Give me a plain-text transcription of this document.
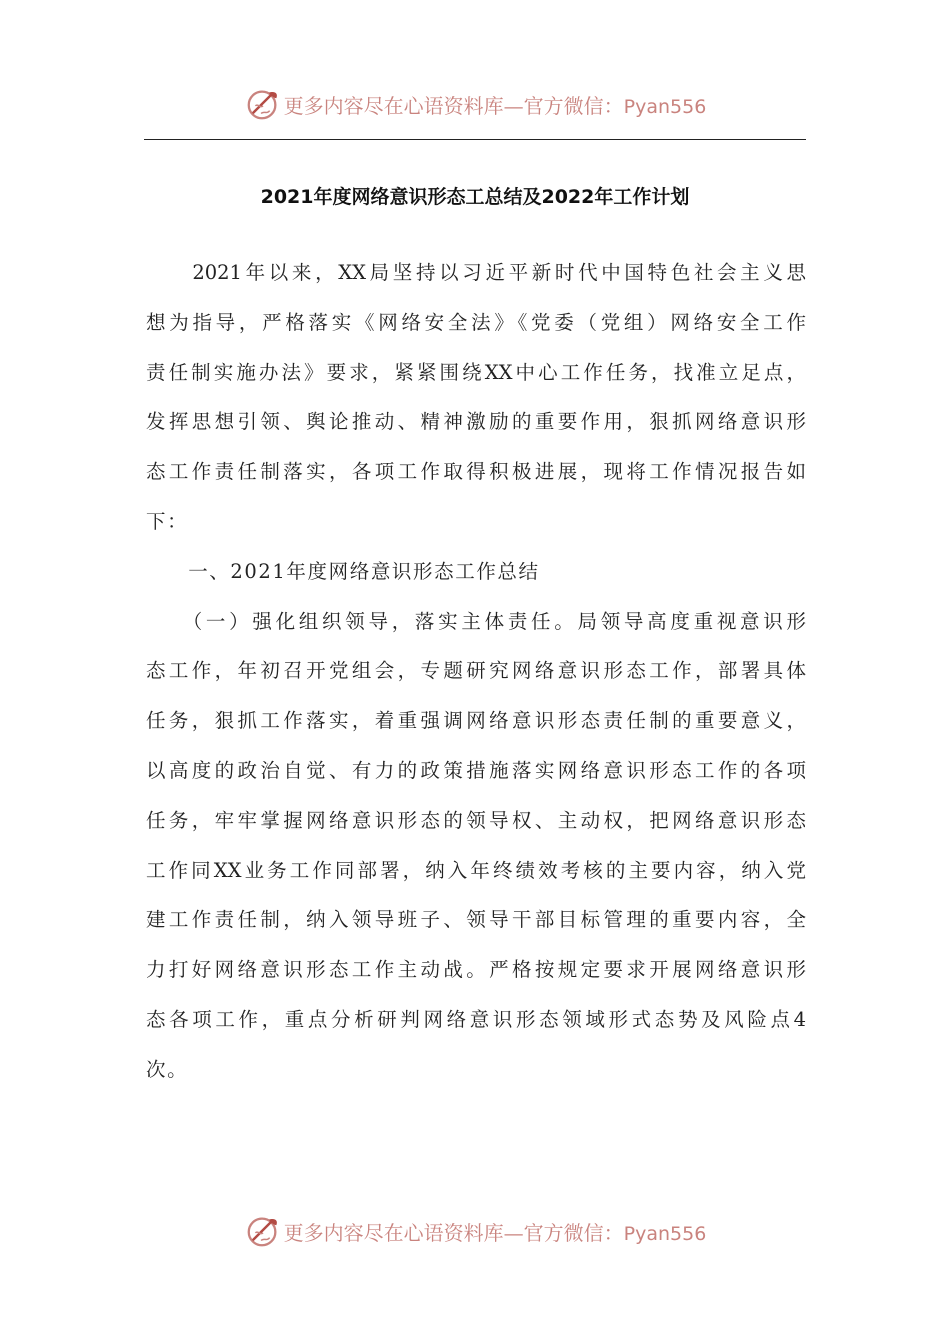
更多内容尽在心语资料库—官方微信：Pyan556
2021年度网络意识形态工总结及2022年工作计划
　　2021年以来，XX局坚持以习近平新时代中国特色社会主义思
想为指导，严格落实《网络安全法》《党委（党组）网络安全工作
责任制实施办法》要求，紧紧围绕XX中心工作任务，找准立足点，
发挥思想引领、舆论推动、精神激励的重要作用，狠抓网络意识形
态工作责任制落实，各项工作取得积极进展，现将工作情况报告如
下：
　　一、2021年度网络意识形态工作总结
　　（一）强化组织领导，落实主体责任。局领导高度重视意识形
态工作，年初召开党组会，专题研究网络意识形态工作，部署具体
任务，狠抓工作落实，着重强调网络意识形态责任制的重要意义，
以高度的政治自觉、有力的政策措施落实网络意识形态工作的各项
任务，牢牢掌握网络意识形态的领导权、主动权，把网络意识形态
工作同XX业务工作同部署，纳入年终绩效考核的主要内容，纳入党
建工作责任制，纳入领导班子、领导干部目标管理的重要内容，全
力打好网络意识形态工作主动战。严格按规定要求开展网络意识形
态各项工作，重点分析研判网络意识形态领域形式态势及风险点4
次。
更多内容尽在心语资料库—官方微信：Pyan556
